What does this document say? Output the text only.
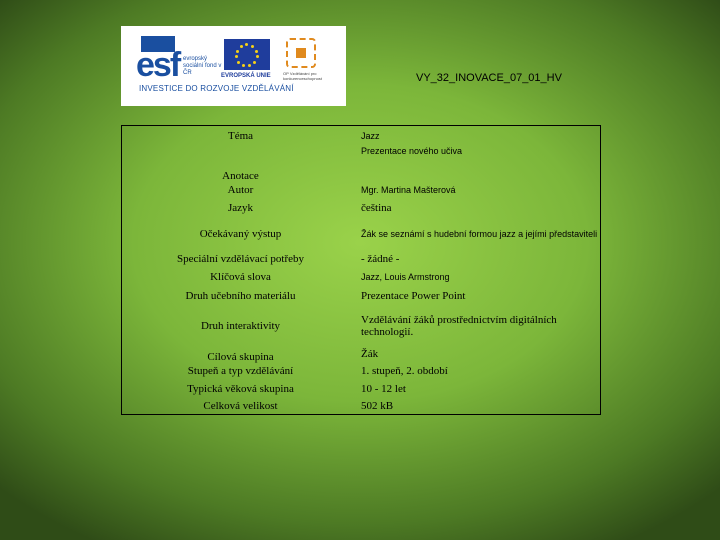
esf evropský sociální fond v ČR	EVROPSKÁ UNIE	OP Vzdělávání pro konkurenceschopnost
INVESTICE DO ROZVOJE VZDĚLÁVÁNÍ
VY_32_INOVACE_07_01_HV
Téma	Jazz
Anotace	Prezentace nového učiva
Autor	Mgr. Martina Mašterová
Jazyk	čeština
Očekávaný výstup	Žák se seznámí s hudební formou jazz a jejími představiteli
Speciální vzdělávací potřeby	- žádné -
Klíčová slova	Jazz, Louis Armstrong
Druh učebního materiálu	Prezentace Power Point
Druh interaktivity	Vzdělávání žáků prostřednictvím digitálních technologií.
Cílová skupina	Žák
Stupeň a typ vzdělávání	1. stupeň, 2. období
Typická věková skupina	10 - 12 let
Celková velikost	502 kB
